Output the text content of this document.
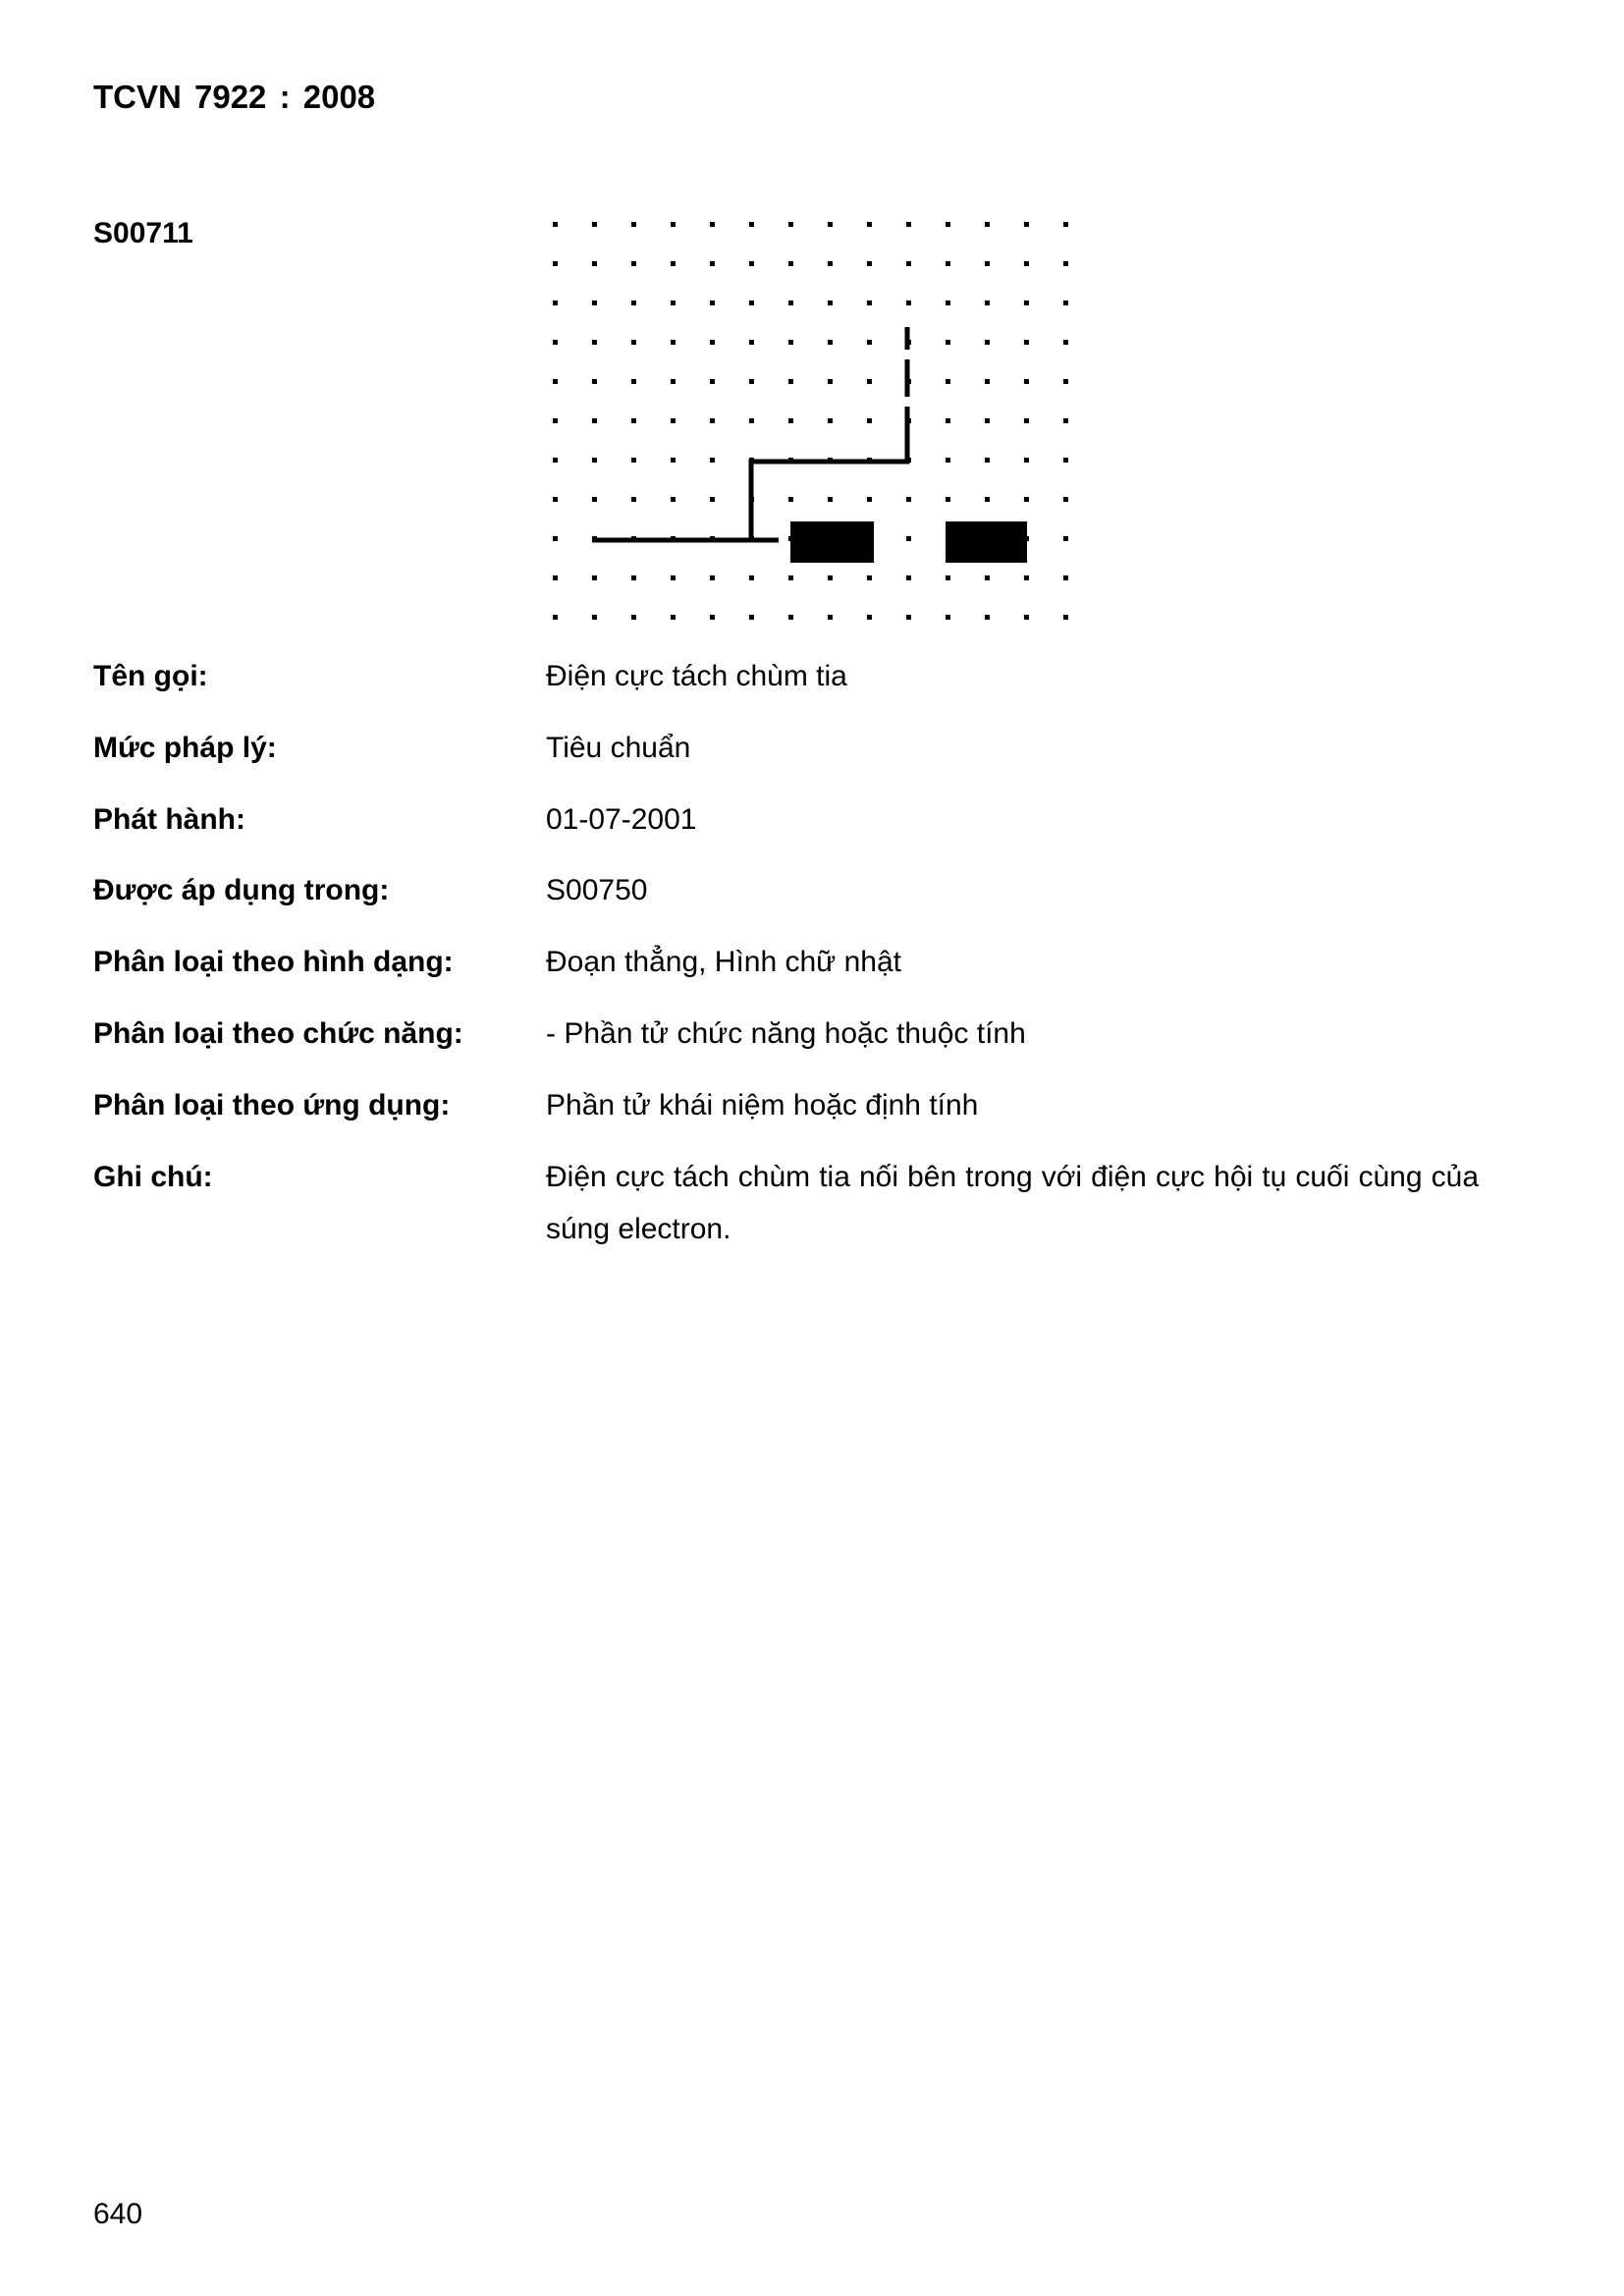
TCVN 7922 : 2008
S00711
Tên gọi:	Điện cực tách chùm tia
Mức pháp lý:	Tiêu chuẩn
Phát hành:	01-07-2001
Được áp dụng trong:	S00750
Phân loại theo hình dạng:	Đoạn thẳng, Hình chữ nhật
Phân loại theo chức năng:	- Phần tử chức năng hoặc thuộc tính
Phân loại theo ứng dụng:	Phần tử khái niệm hoặc định tính
Ghi chú:	Điện cực tách chùm tia nối bên trong với điện cực hội tụ cuối cùng của súng electron.
640
